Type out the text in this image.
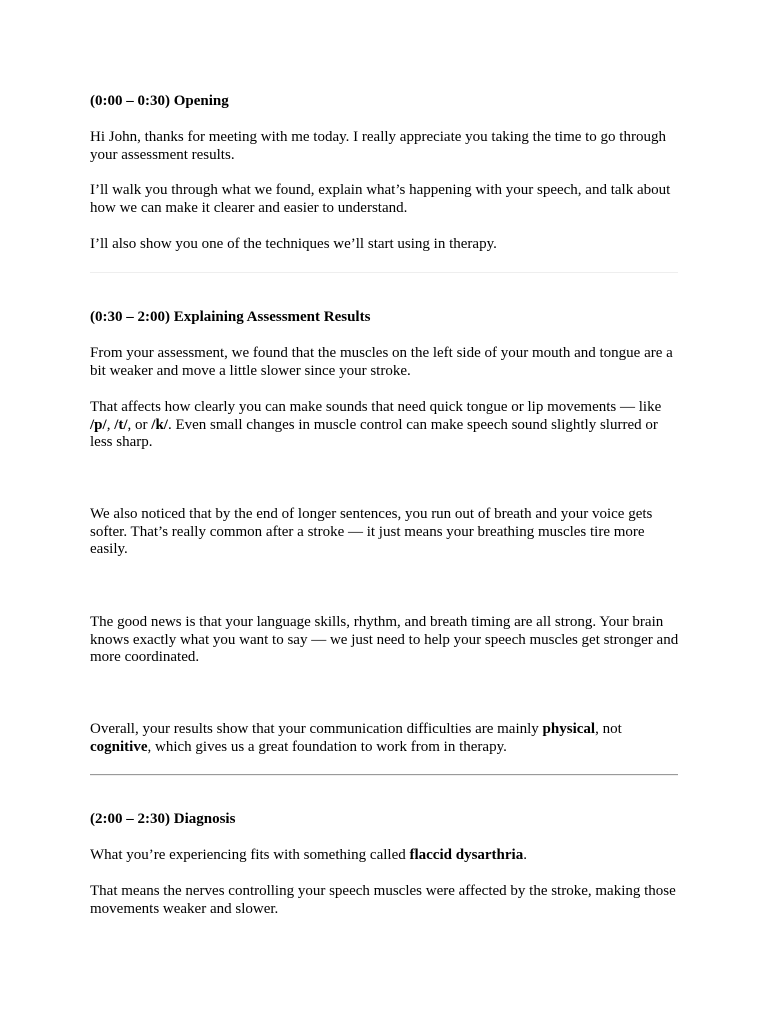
(0:00 – 0:30) Opening
Hi John, thanks for meeting with me today. I really appreciate you taking the time to go through your assessment results.
I’ll walk you through what we found, explain what’s happening with your speech, and talk about how we can make it clearer and easier to understand.
I’ll also show you one of the techniques we’ll start using in therapy.
(0:30 – 2:00) Explaining Assessment Results
From your assessment, we found that the muscles on the left side of your mouth and tongue are a bit weaker and move a little slower since your stroke.
That affects how clearly you can make sounds that need quick tongue or lip movements — like /p/, /t/, or /k/. Even small changes in muscle control can make speech sound slightly slurred or less sharp.
We also noticed that by the end of longer sentences, you run out of breath and your voice gets softer. That’s really common after a stroke — it just means your breathing muscles tire more easily.
The good news is that your language skills, rhythm, and breath timing are all strong. Your brain knows exactly what you want to say — we just need to help your speech muscles get stronger and more coordinated.
Overall, your results show that your communication difficulties are mainly physical, not cognitive, which gives us a great foundation to work from in therapy.
(2:00 – 2:30) Diagnosis
What you’re experiencing fits with something called flaccid dysarthria.
That means the nerves controlling your speech muscles were affected by the stroke, making those movements weaker and slower.
